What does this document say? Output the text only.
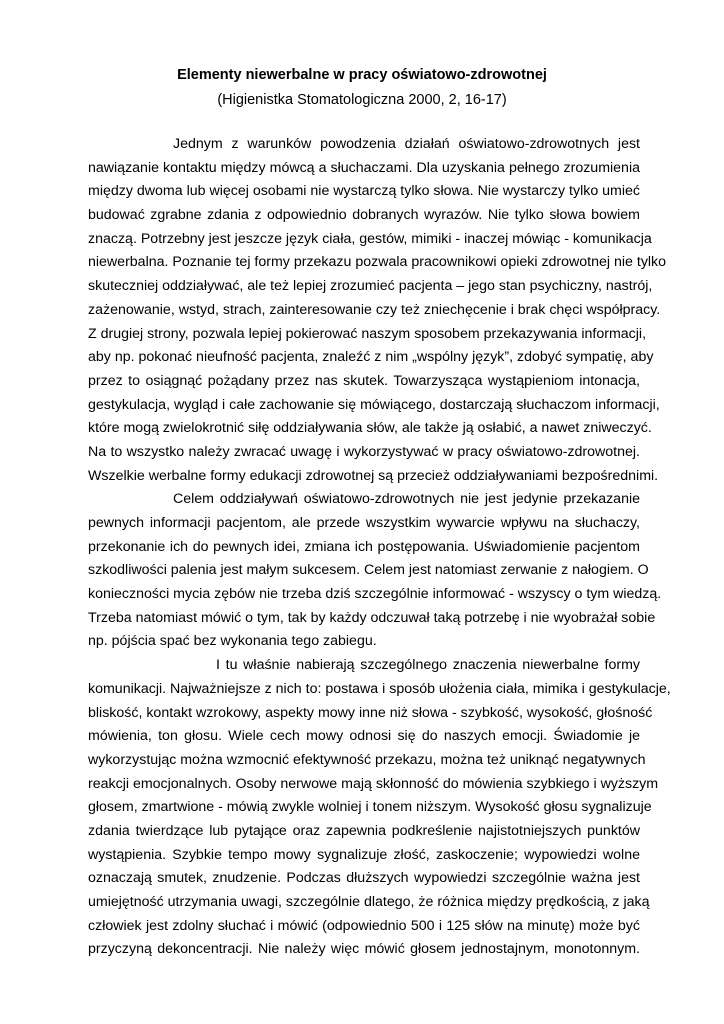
Elementy niewerbalne w pracy oświatowo-zdrowotnej
(Higienistka Stomatologiczna 2000, 2, 16-17)
Jednym z warunków powodzenia działań oświatowo-zdrowotnych jest
nawiązanie kontaktu między mówcą a słuchaczami. Dla uzyskania pełnego zrozumienia
między dwoma lub więcej osobami nie wystarczą tylko słowa. Nie wystarczy tylko umieć
budować zgrabne zdania z odpowiednio dobranych wyrazów. Nie tylko słowa bowiem
znaczą. Potrzebny jest jeszcze język ciała, gestów, mimiki - inaczej mówiąc - komunikacja
niewerbalna. Poznanie tej formy przekazu pozwala pracownikowi opieki zdrowotnej nie tylko
skuteczniej oddziaływać, ale też lepiej zrozumieć pacjenta – jego stan psychiczny, nastrój,
zażenowanie, wstyd, strach, zainteresowanie czy też zniechęcenie i brak chęci współpracy.
Z drugiej strony, pozwala lepiej pokierować naszym sposobem przekazywania informacji,
aby np. pokonać nieufność pacjenta, znaleźć z nim „wspólny język”, zdobyć sympatię, aby
przez to osiągnąć pożądany przez nas skutek. Towarzysząca wystąpieniom intonacja,
gestykulacja, wygląd i całe zachowanie się mówiącego, dostarczają słuchaczom informacji,
które mogą zwielokrotnić siłę oddziaływania słów, ale także ją osłabić, a nawet zniweczyć.
Na to wszystko należy zwracać uwagę i wykorzystywać w pracy oświatowo-zdrowotnej.
Wszelkie werbalne formy edukacji zdrowotnej są przecież oddziaływaniami bezpośrednimi.
Celem oddziaływań oświatowo-zdrowotnych nie jest jedynie przekazanie
pewnych informacji pacjentom, ale przede wszystkim wywarcie wpływu na słuchaczy,
przekonanie ich do pewnych idei, zmiana ich postępowania. Uświadomienie pacjentom
szkodliwości palenia jest małym sukcesem. Celem jest natomiast zerwanie z nałogiem. O
konieczności mycia zębów nie trzeba dziś szczególnie informować - wszyscy o tym wiedzą.
Trzeba natomiast mówić o tym, tak by każdy odczuwał taką potrzebę i nie wyobrażał sobie
np. pójścia spać bez wykonania tego zabiegu.
I tu właśnie nabierają szczególnego znaczenia niewerbalne formy
komunikacji. Najważniejsze z nich to: postawa i sposób ułożenia ciała, mimika i gestykulacje,
bliskość, kontakt wzrokowy, aspekty mowy inne niż słowa - szybkość, wysokość, głośność
mówienia, ton głosu. Wiele cech mowy odnosi się do naszych emocji. Świadomie je
wykorzystując można wzmocnić efektywność przekazu, można też uniknąć negatywnych
reakcji emocjonalnych. Osoby nerwowe mają skłonność do mówienia szybkiego i wyższym
głosem, zmartwione - mówią zwykle wolniej i tonem niższym. Wysokość głosu sygnalizuje
zdania twierdzące lub pytające oraz zapewnia podkreślenie najistotniejszych punktów
wystąpienia. Szybkie tempo mowy sygnalizuje złość, zaskoczenie; wypowiedzi wolne
oznaczają smutek, znudzenie. Podczas dłuższych wypowiedzi szczególnie ważna jest
umiejętność utrzymania uwagi, szczególnie dlatego, że różnica między prędkością, z jaką
człowiek jest zdolny słuchać i mówić (odpowiednio 500 i 125 słów na minutę) może być
przyczyną dekoncentracji. Nie należy więc mówić głosem jednostajnym, monotonnym.
